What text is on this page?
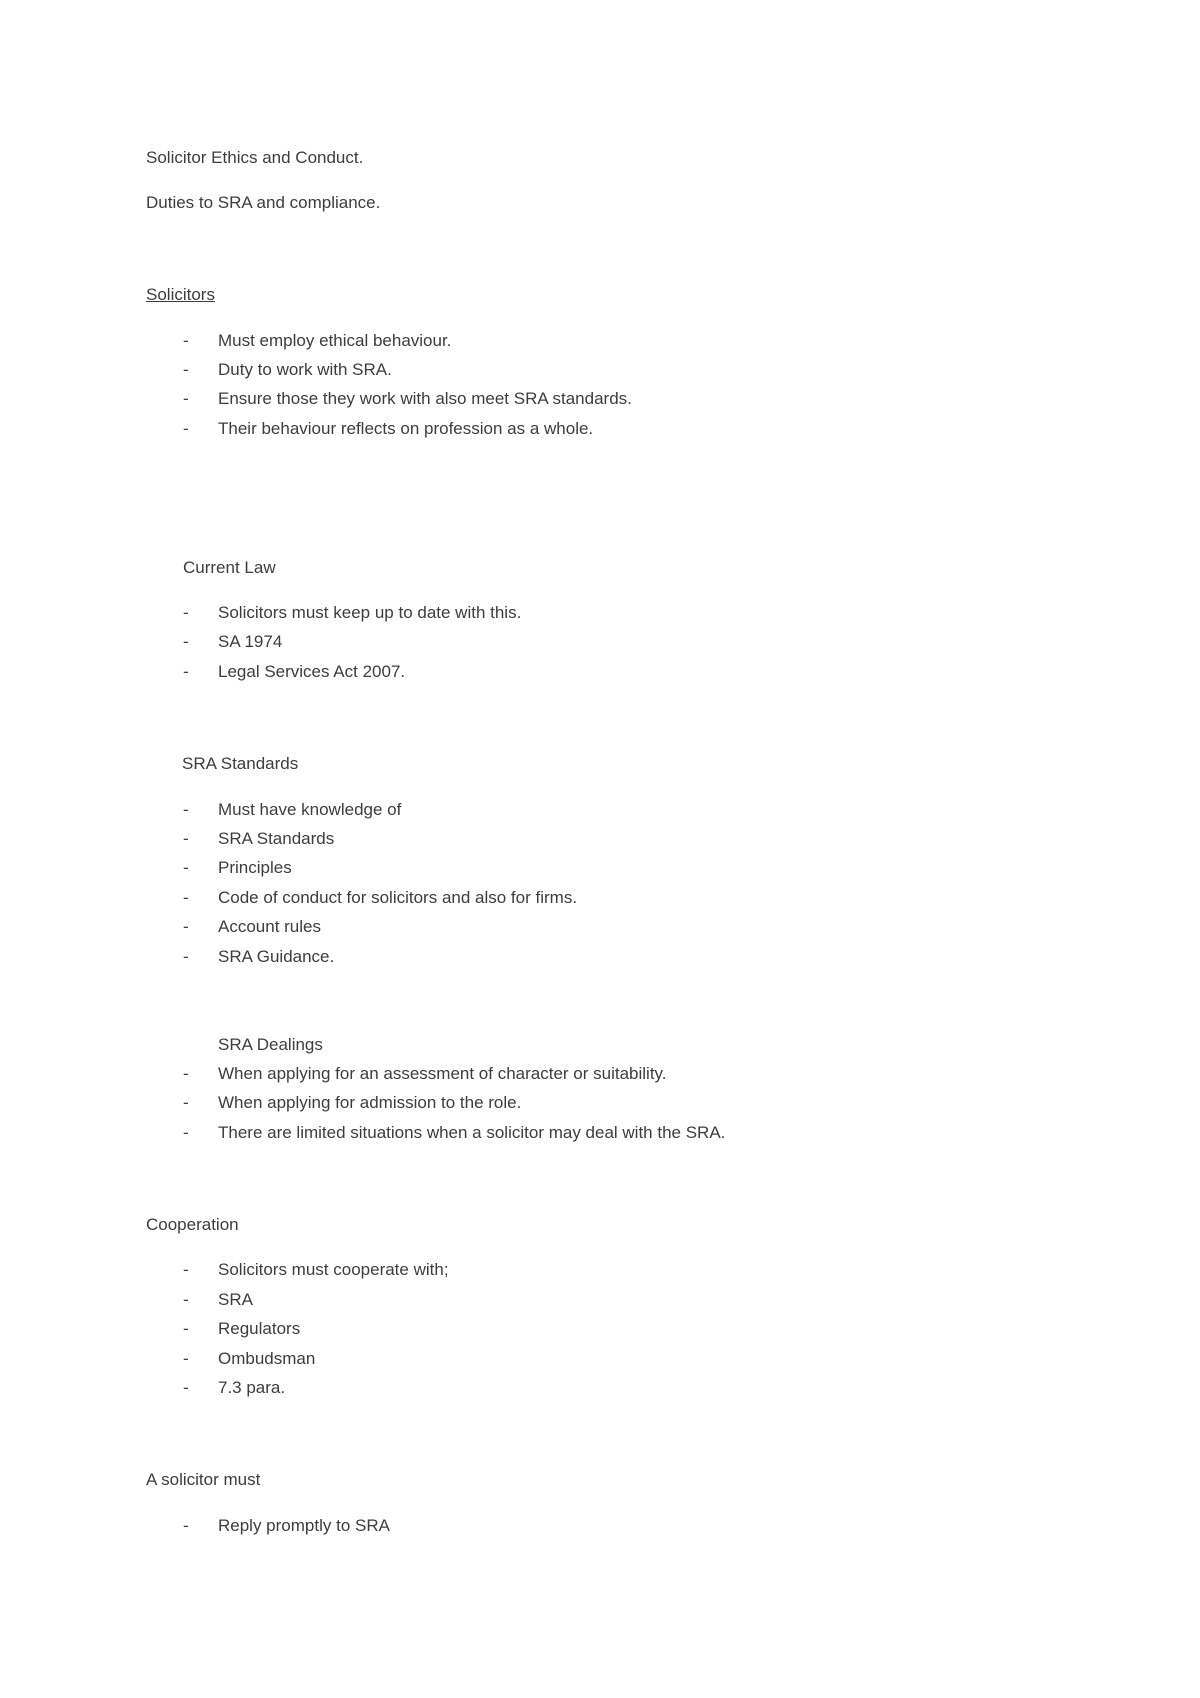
Solicitor Ethics and Conduct.
Duties to SRA and compliance.
Solicitors
- Must employ ethical behaviour.
- Duty to work with SRA.
- Ensure those they work with also meet SRA standards.
- Their behaviour reflects on profession as a whole.
Current Law
- Solicitors must keep up to date with this.
- SA 1974
- Legal Services Act 2007.
SRA Standards
- Must have knowledge of
- SRA Standards
- Principles
- Code of conduct for solicitors and also for firms.
- Account rules
- SRA Guidance.
SRA Dealings
- When applying for an assessment of character or suitability.
- When applying for admission to the role.
- There are limited situations when a solicitor may deal with the SRA.
Cooperation
- Solicitors must cooperate with;
- SRA
- Regulators
- Ombudsman
- 7.3 para.
A solicitor must
- Reply promptly to SRA
